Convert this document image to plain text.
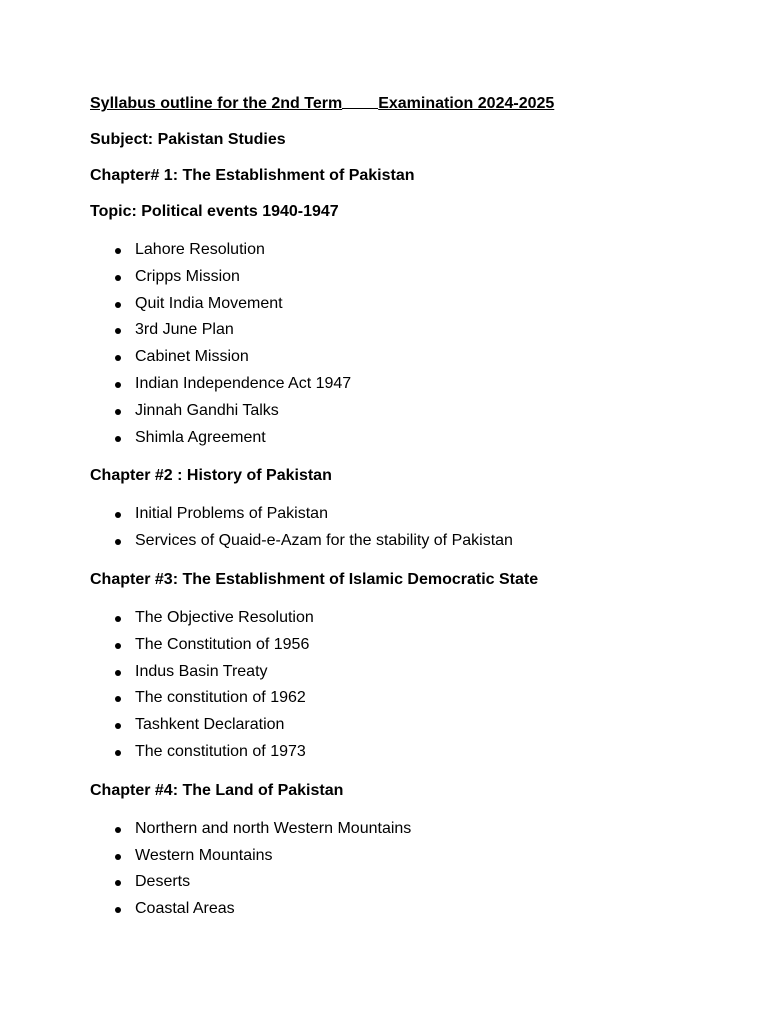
Syllabus outline for the 2nd Term Examination 2024-2025
Subject: Pakistan Studies
Chapter# 1: The Establishment of Pakistan
Topic: Political events 1940-1947
Lahore Resolution
Cripps Mission
Quit India Movement
3rd June Plan
Cabinet Mission
Indian Independence Act 1947
Jinnah Gandhi Talks
Shimla Agreement
Chapter #2 : History of Pakistan
Initial Problems of Pakistan
Services of Quaid-e-Azam for the stability of Pakistan
Chapter #3: The Establishment of Islamic Democratic State
The Objective Resolution
The Constitution of 1956
Indus Basin Treaty
The constitution of 1962
Tashkent Declaration
The constitution of 1973
Chapter #4: The Land of Pakistan
Northern and north Western Mountains
Western Mountains
Deserts
Coastal Areas
